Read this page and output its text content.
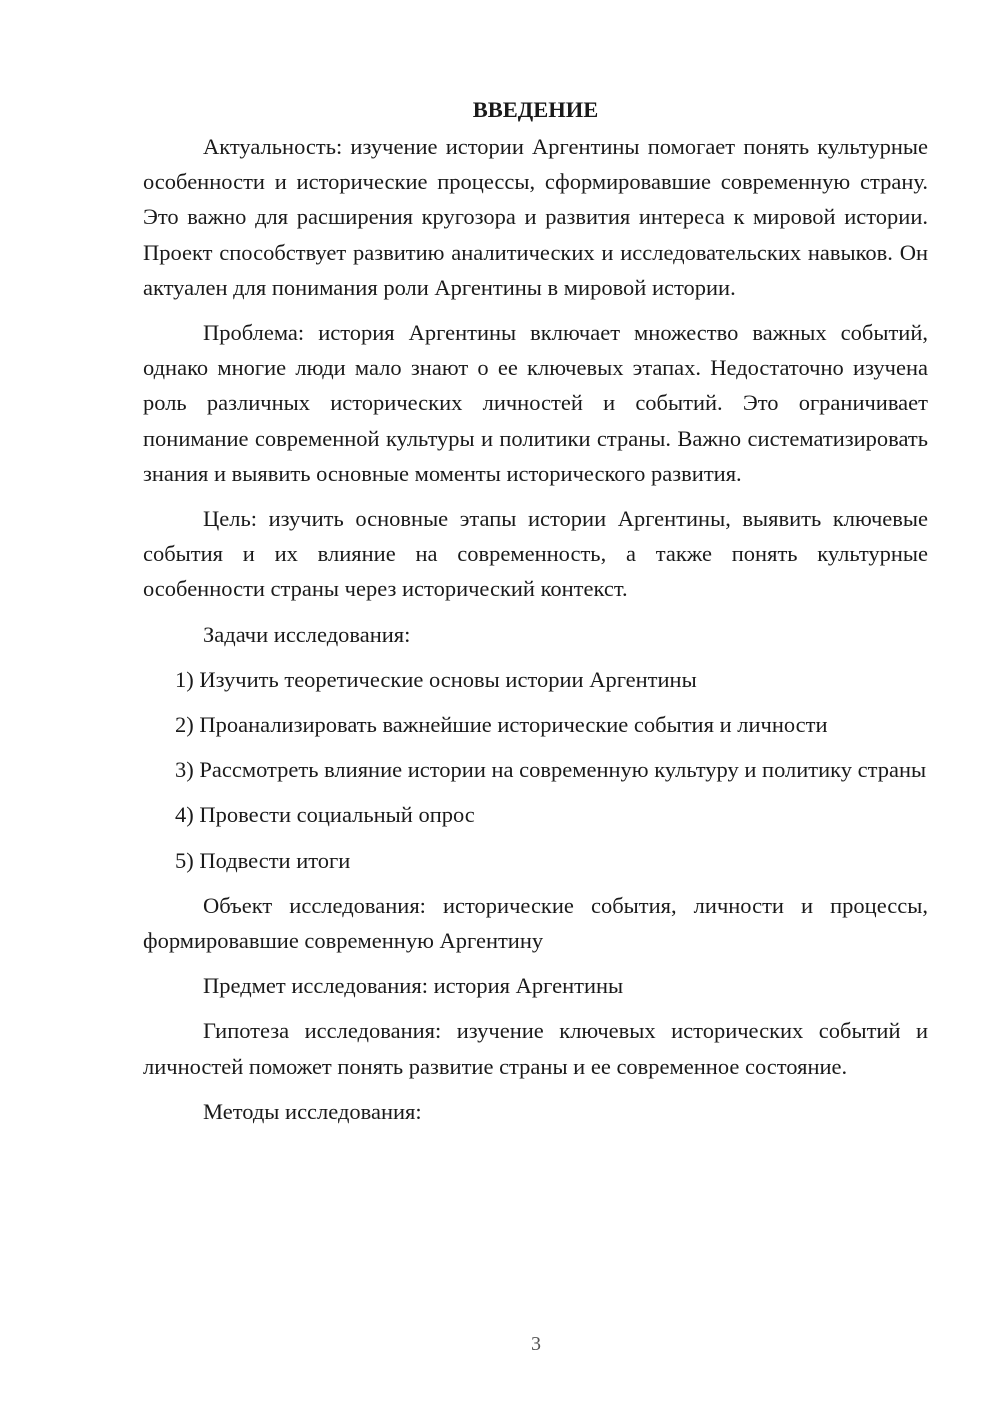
ВВЕДЕНИЕ

Актуальность: изучение истории Аргентины помогает понять культурные особенности и исторические процессы, сформировавшие современную страну. Это важно для расширения кругозора и развития интереса к мировой истории. Проект способствует развитию аналитических и исследовательских навыков. Он актуален для понимания роли Аргентины в мировой истории.

Проблема: история Аргентины включает множество важных событий, однако многие люди мало знают о ее ключевых этапах. Недостаточно изучена роль различных исторических личностей и событий. Это ограничивает понимание современной культуры и политики страны. Важно систематизировать знания и выявить основные моменты исторического развития.

Цель: изучить основные этапы истории Аргентины, выявить ключевые события и их влияние на современность, а также понять культурные особенности страны через исторический контекст.

Задачи исследования:

1) Изучить теоретические основы истории Аргентины

2) Проанализировать важнейшие исторические события и личности

3) Рассмотреть влияние истории на современную культуру и политику страны

4) Провести социальный опрос

5) Подвести итоги

Объект исследования: исторические события, личности и процессы, формировавшие современную Аргентину

Предмет исследования: история Аргентины

Гипотеза исследования: изучение ключевых исторических событий и личностей поможет понять развитие страны и ее современное состояние.

Методы исследования:

3
